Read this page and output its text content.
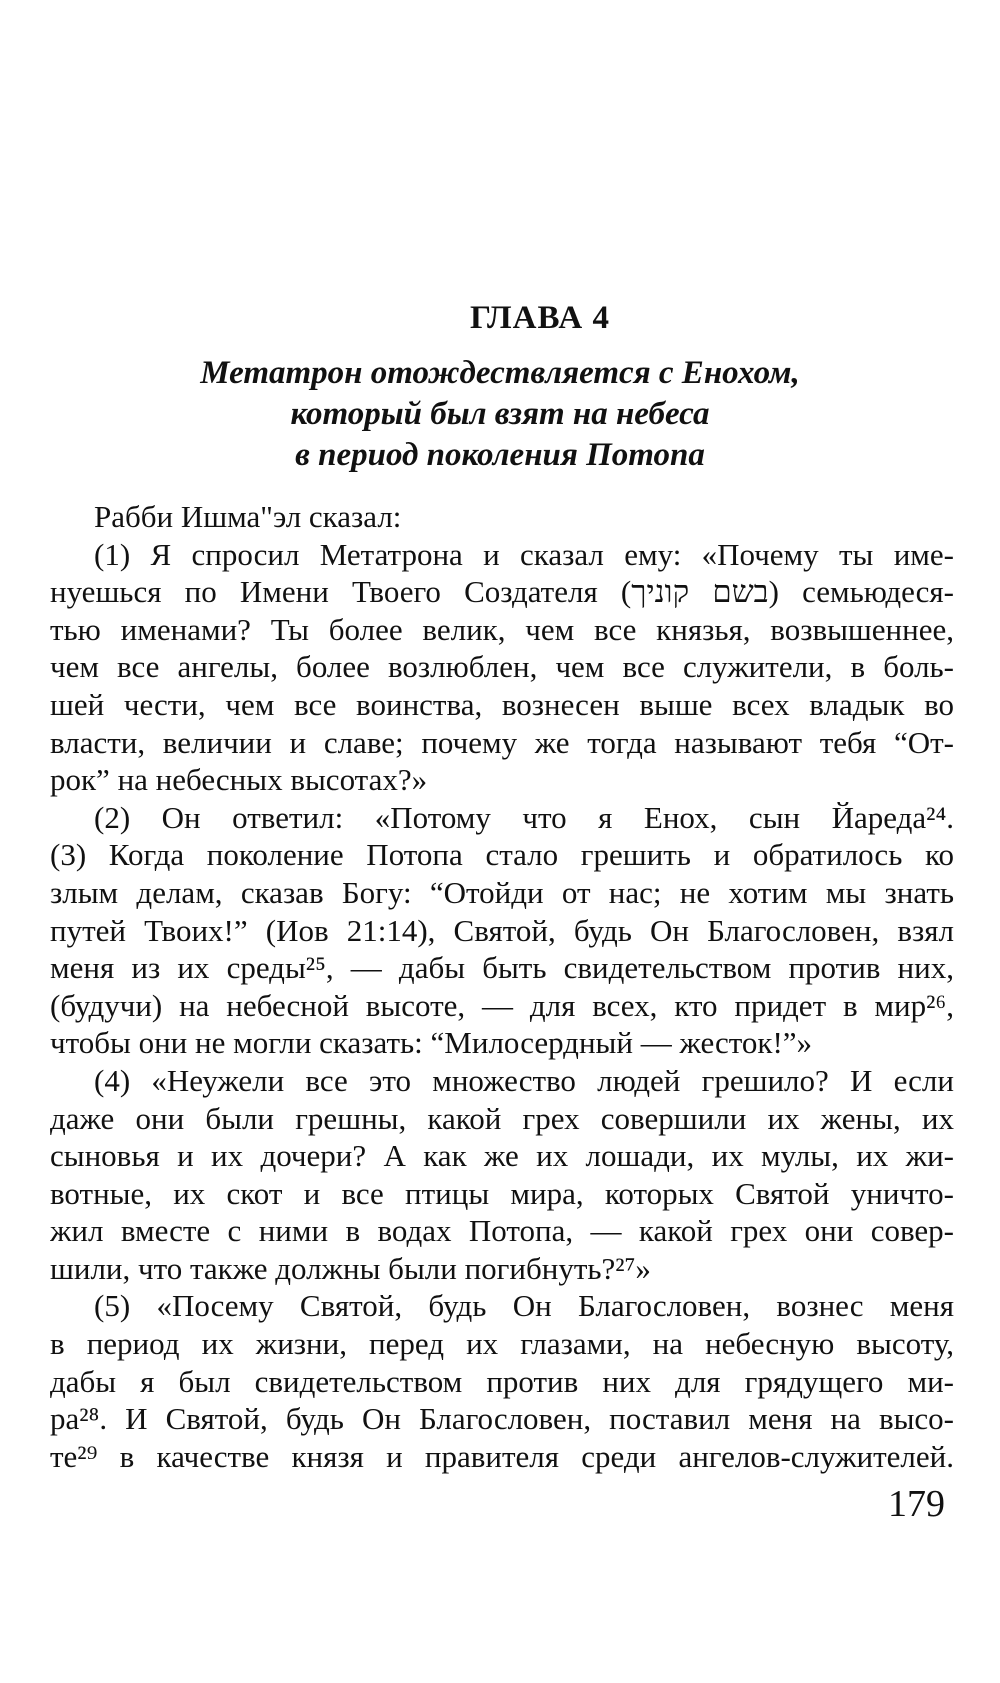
ГЛАВА 4
Метатрон отождествляется с Енохом,
который был взят на небеса
в период поколения Потопа
Рабби Ишма"эл сказал:
(1) Я спросил Метатрона и сказал ему: «Почему ты име-
нуешься по Имени Твоего Создателя (בשם קוניך) семьюдеся-
тью именами? Ты более велик, чем все князья, возвышеннее,
чем все ангелы, более возлюблен, чем все служители, в боль-
шей чести, чем все воинства, вознесен выше всех владык во
власти, величии и славе; почему же тогда называют тебя “От-
рок” на небесных высотах?»
(2) Он ответил: «Потому что я Енох, сын Йареда²⁴.
(3) Когда поколение Потопа стало грешить и обратилось ко
злым делам, сказав Богу: “Отойди от нас; не хотим мы знать
путей Твоих!” (Иов 21:14), Святой, будь Он Благословен, взял
меня из их среды²⁵, — дабы быть свидетельством против них,
(будучи) на небесной высоте, — для всех, кто придет в мир²⁶,
чтобы они не могли сказать: “Милосердный — жесток!”»
(4) «Неужели все это множество людей грешило? И если
даже они были грешны, какой грех совершили их жены, их
сыновья и их дочери? А как же их лошади, их мулы, их жи-
вотные, их скот и все птицы мира, которых Святой уничто-
жил вместе с ними в водах Потопа, — какой грех они совер-
шили, что также должны были погибнуть?²⁷»
(5) «Посему Святой, будь Он Благословен, вознес меня
в период их жизни, перед их глазами, на небесную высоту,
дабы я был свидетельством против них для грядущего ми-
ра²⁸. И Святой, будь Он Благословен, поставил меня на высо-
те²⁹ в качестве князя и правителя среди ангелов-служителей.
179
